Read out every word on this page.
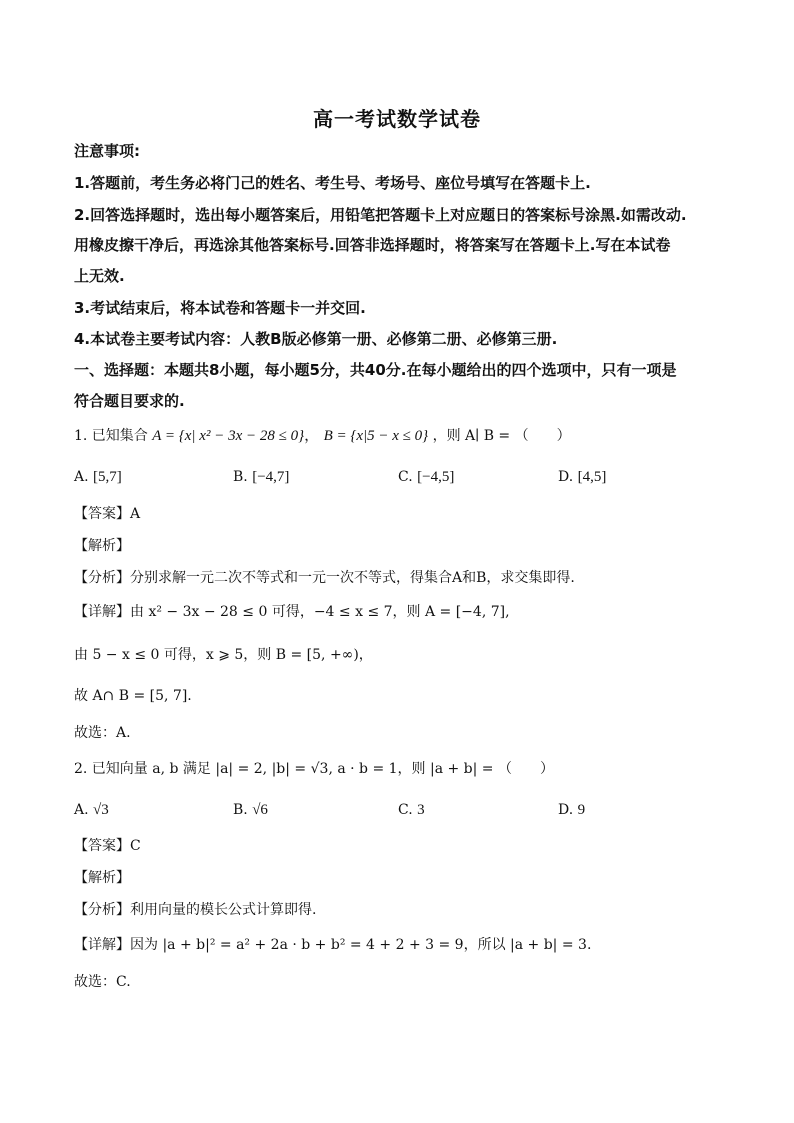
高一考试数学试卷
注意事项:
1.答题前，考生务必将门己的姓名、考生号、考场号、座位号填写在答题卡上.
2.回答选择题时，选出每小题答案后，用铅笔把答题卡上对应题日的答案标号涂黑.如需改动.
用橡皮擦干净后，再选涂其他答案标号.回答非选择题时，将答案写在答题卡上.写在本试卷
上无效.
3.考试结束后，将本试卷和答题卡一并交回.
4.本试卷主要考试内容：人教B版必修第一册、必修第二册、必修第三册.
一、选择题：本题共8小题，每小题5分，共40分.在每小题给出的四个选项中，只有一项是
符合题目要求的.
1. 已知集合 A = {x| x² − 3x − 28 ≤ 0}， B = {x|5 − x ≤ 0} ，则 A∣ B = （　　）
A. [5,7]	B. [−4,7]	C. [−4,5]	D. [4,5]
【答案】A
【解析】
【分析】分别求解一元二次不等式和一元一次不等式，得集合A和B，求交集即得.
【详解】由 x² − 3x − 28 ≤ 0 可得，−4 ≤ x ≤ 7，则 A = [−4, 7],
由 5 − x ≤ 0 可得，x ⩾ 5，则 B = [5, +∞)，
故 A∩ B = [5, 7].
故选：A.
2. 已知向量 a, b 满足 |a| = 2, |b| = √3, a · b = 1，则 |a + b| = （　　）
A. √3	B. √6	C. 3	D. 9
【答案】C
【解析】
【分析】利用向量的模长公式计算即得.
【详解】因为 |a + b|² = a² + 2a · b + b² = 4 + 2 + 3 = 9，所以 |a + b| = 3.
故选：C.
